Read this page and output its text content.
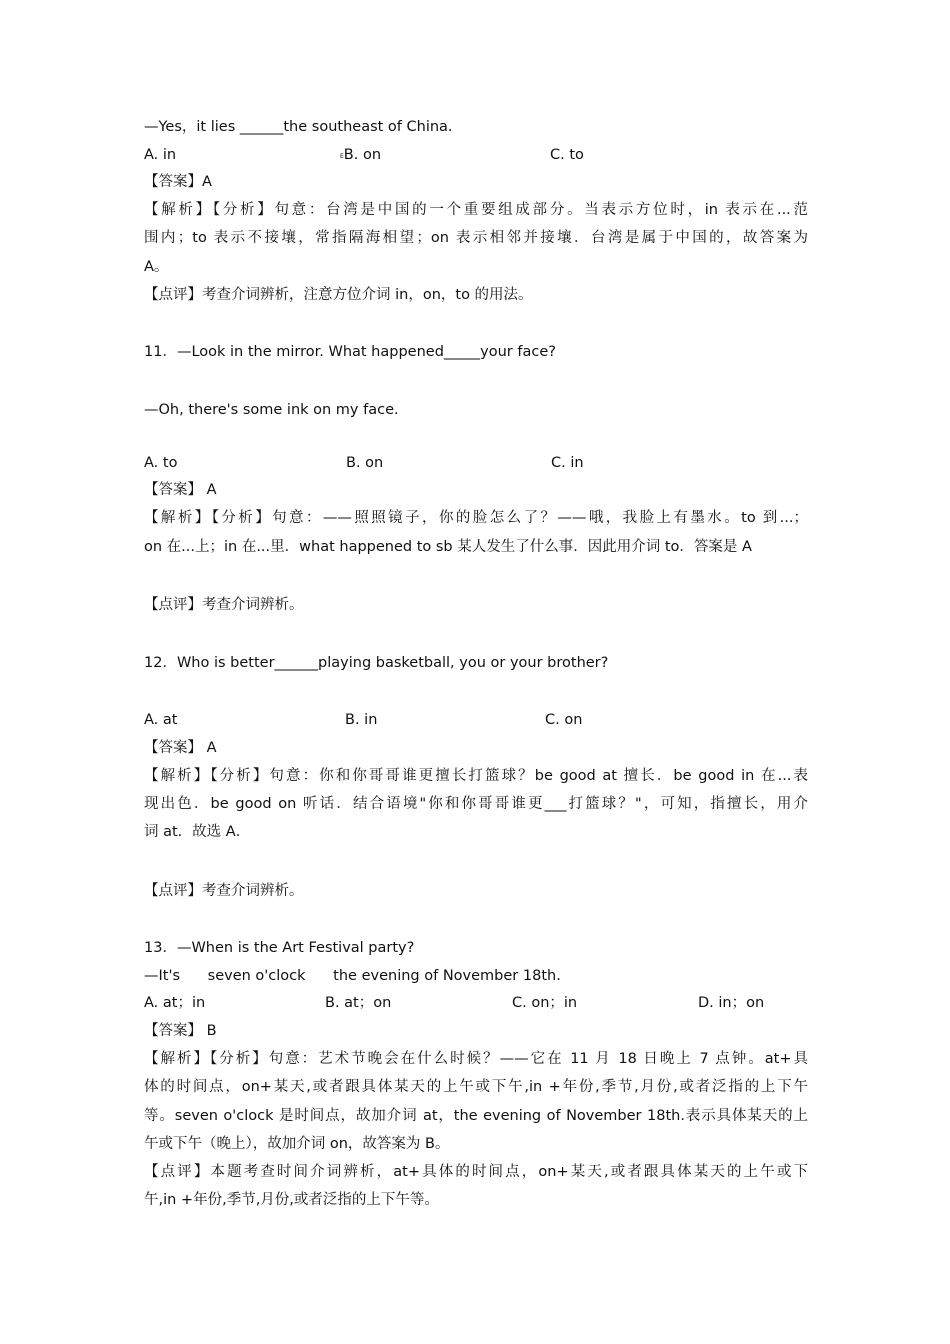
—Yes，it lies ______the southeast of China.
A. in	EB. on	C. to
【答案】A
【解析】【分析】句意：台湾是中国的一个重要组成部分。当表示方位时，in 表示在...范
围内；to 表示不接壤，常指隔海相望；on 表示相邻并接壤．台湾是属于中国的，故答案为
A。
【点评】考查介词辨析，注意方位介词 in，on，to 的用法。
11．—Look in the mirror. What happened_____your face?
—Oh, there's some ink on my face.
A. to	B. on	C. in
【答案】 A
【解析】【分析】句意：——照照镜子，你的脸怎么了？——哦，我脸上有墨水。to 到...；
on 在...上；in 在...里．what happened to sb 某人发生了什么事．因此用介词 to．答案是 A
【点评】考查介词辨析。
12．Who is better______playing basketball, you or your brother?
A. at	B. in	C. on
【答案】 A
【解析】【分析】句意：你和你哥哥谁更擅长打篮球？be good at 擅长．be good in 在...表
现出色．be good on 听话．结合语境"你和你哥哥谁更___打篮球？"，可知，指擅长，用介
词 at．故选 A．
【点评】考查介词辨析。
13．—When is the Art Festival party?
—It's      seven o'clock      the evening of November 18th.
A. at；in	B. at；on	C. on；in	D. in；on
【答案】 B
【解析】【分析】句意：艺术节晚会在什么时候？——它在 11 月 18 日晚上 7 点钟。at+具
体的时间点，on+某天,或者跟具体某天的上午或下午,in +年份,季节,月份,或者泛指的上下午
等。seven o'clock 是时间点，故加介词 at，the evening of November 18th.表示具体某天的上
午或下午（晚上），故加介词 on，故答案为 B。
【点评】本题考查时间介词辨析，at+具体的时间点，on+某天,或者跟具体某天的上午或下
午,in +年份,季节,月份,或者泛指的上下午等。
